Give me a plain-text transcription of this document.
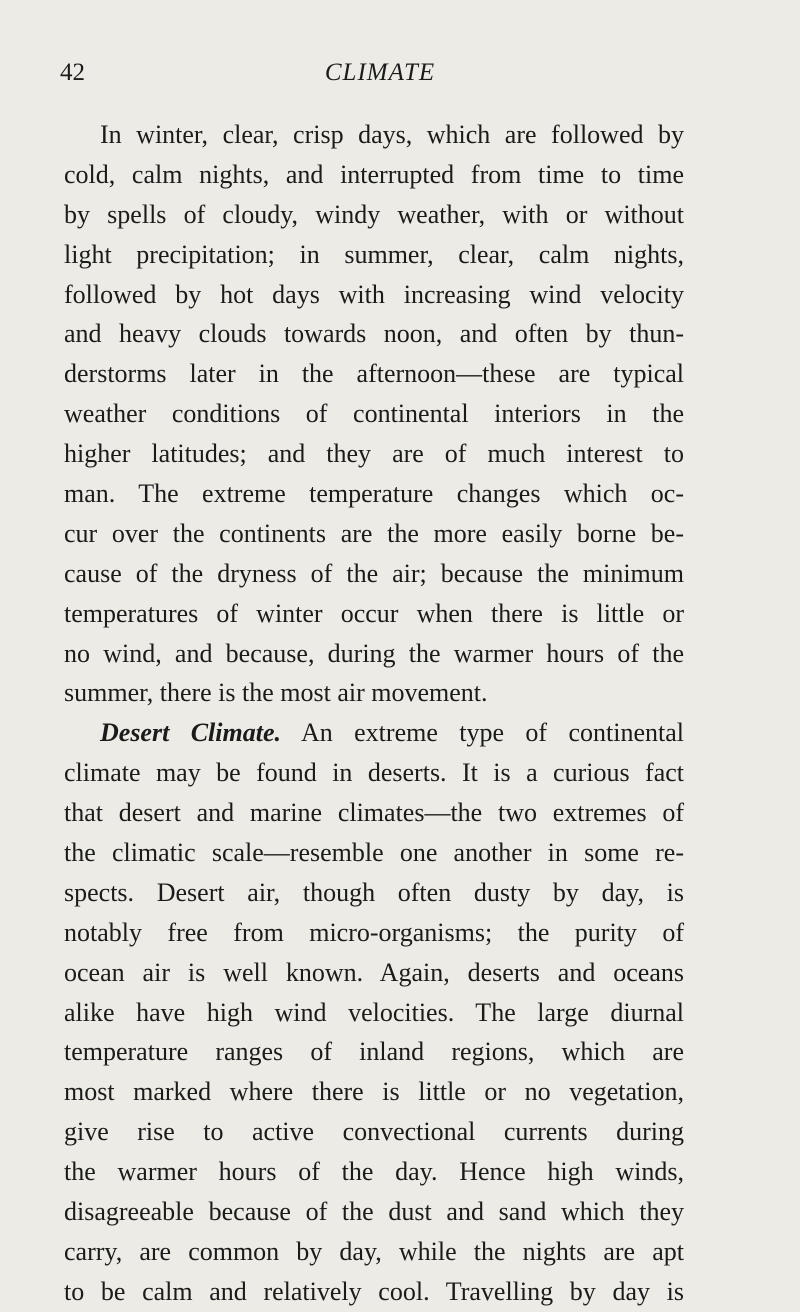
42	CLIMATE
In winter, clear, crisp days, which are followed by
cold, calm nights, and interrupted from time to time
by spells of cloudy, windy weather, with or without
light precipitation; in summer, clear, calm nights,
followed by hot days with increasing wind velocity
and heavy clouds towards noon, and often by thun-
derstorms later in the afternoon—these are typical
weather conditions of continental interiors in the
higher latitudes; and they are of much interest to
man. The extreme temperature changes which oc-
cur over the continents are the more easily borne be-
cause of the dryness of the air; because the minimum
temperatures of winter occur when there is little or
no wind, and because, during the warmer hours of the
summer, there is the most air movement.
Desert Climate. An extreme type of continental
climate may be found in deserts. It is a curious fact
that desert and marine climates—the two extremes of
the climatic scale—resemble one another in some re-
spects. Desert air, though often dusty by day, is
notably free from micro-organisms; the purity of
ocean air is well known. Again, deserts and oceans
alike have high wind velocities. The large diurnal
temperature ranges of inland regions, which are
most marked where there is little or no vegetation,
give rise to active convectional currents during
the warmer hours of the day. Hence high winds,
disagreeable because of the dust and sand which they
carry, are common by day, while the nights are apt
to be calm and relatively cool. Travelling by day is
